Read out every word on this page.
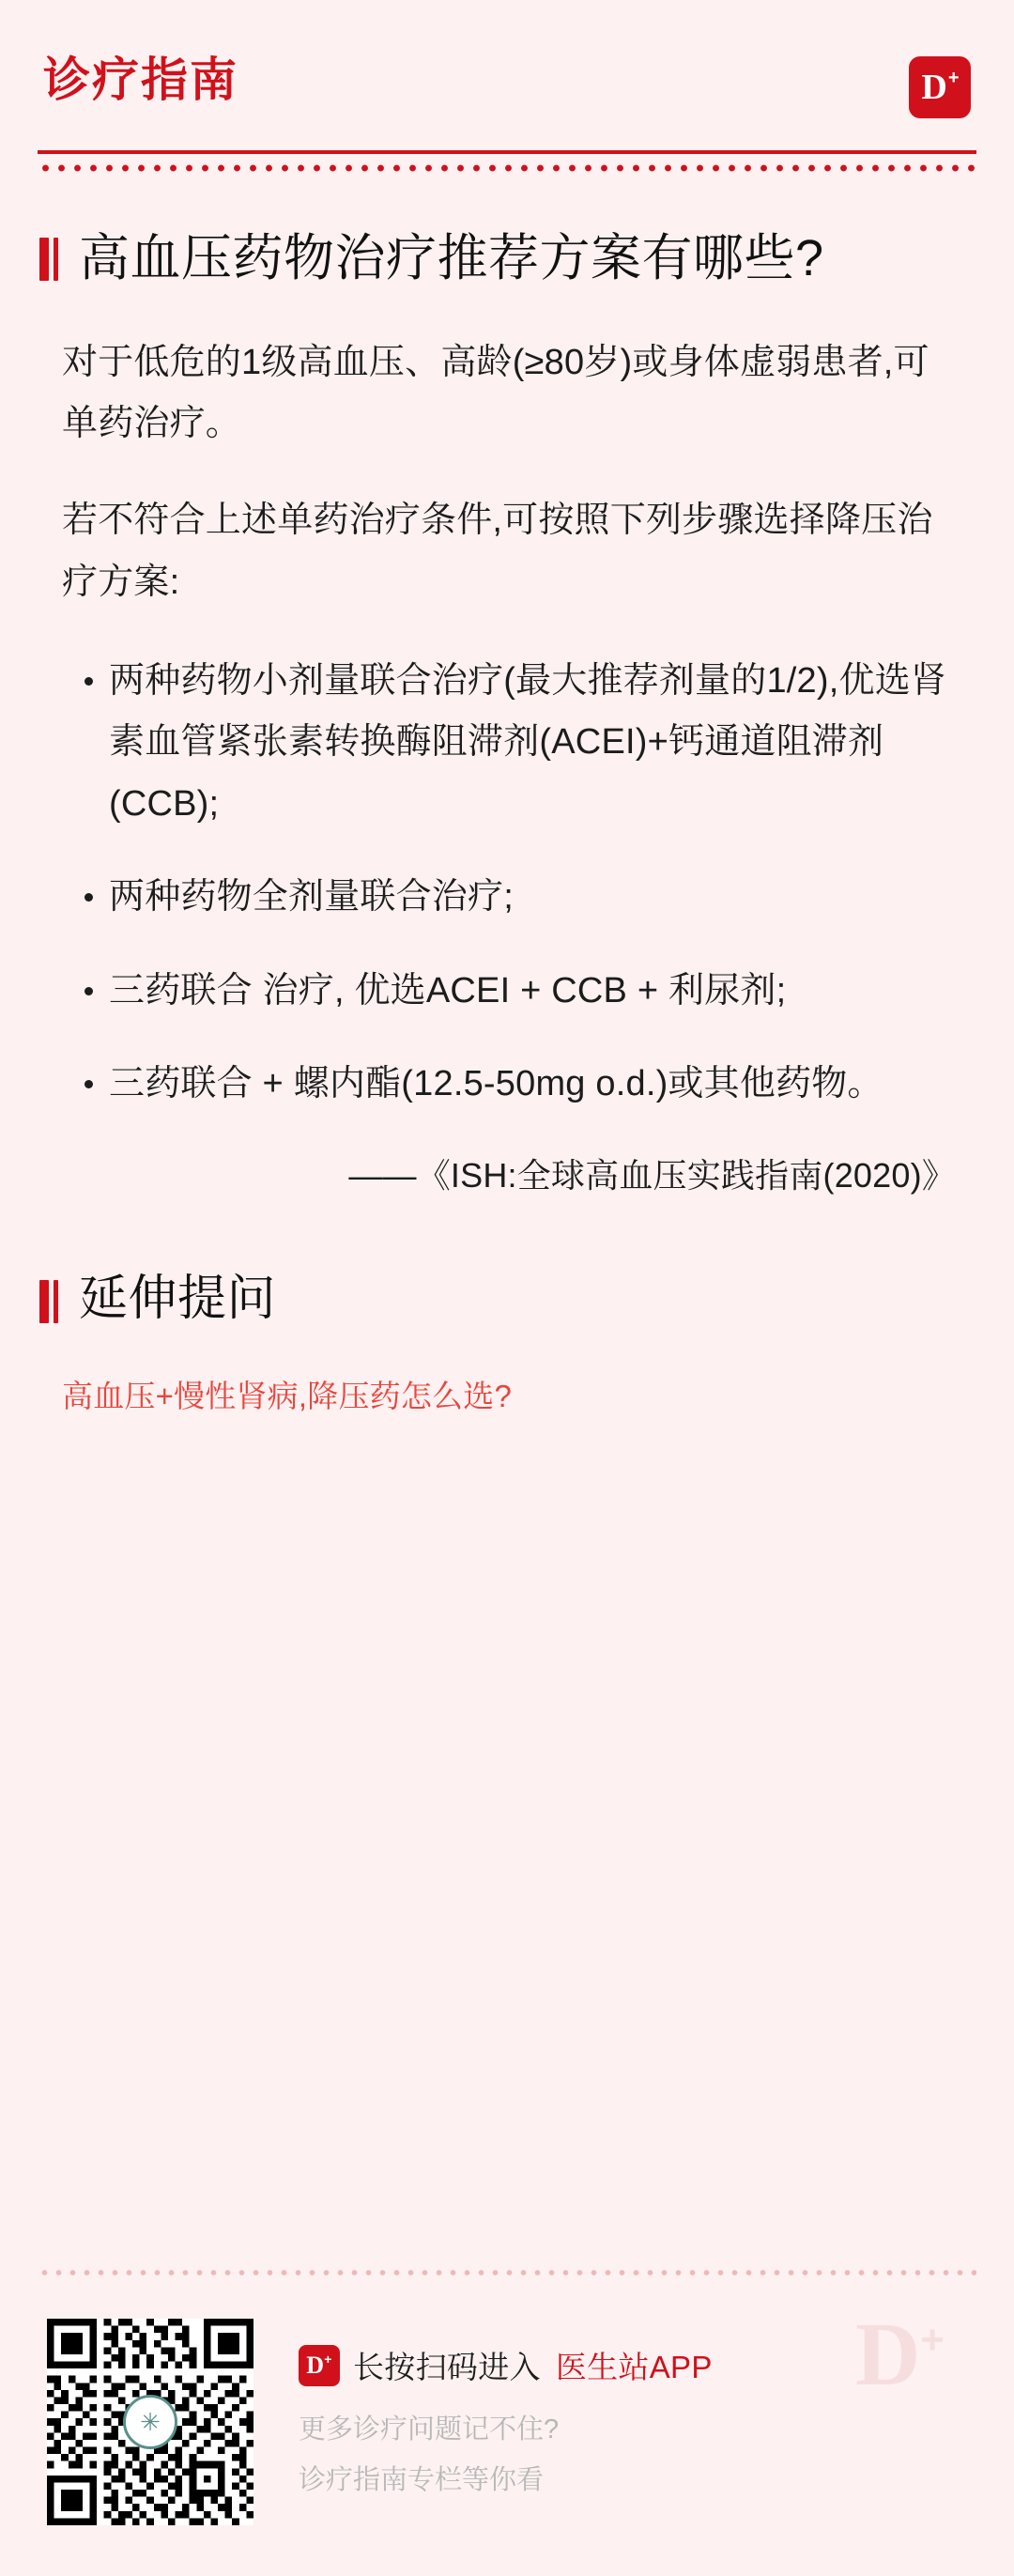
诊疗指南	D +
高血压药物治疗推荐方案有哪些?

对于低危的1级高血压、高龄(≥80岁)或身体虚弱患者,可单药治疗。

若不符合上述单药治疗条件,可按照下列步骤选择降压治疗方案:

两种药物小剂量联合治疗(最大推荐剂量的1/2),优选肾素血管紧张素转换酶阻滞剂(ACEI)+钙通道阻滞剂(CCB);
两种药物全剂量联合治疗;
三药联合 治疗, 优选ACEI + CCB + 利尿剂;
三药联合 + 螺内酯(12.5-50mg o.d.)或其他药物。

——《ISH:全球高血压实践指南(2020)》

延伸提问

高血压+慢性肾病,降压药怎么选?

D+
✳
D + 长按扫码进入 医生站APP
更多诊疗问题记不住?
诊疗指南专栏等你看
